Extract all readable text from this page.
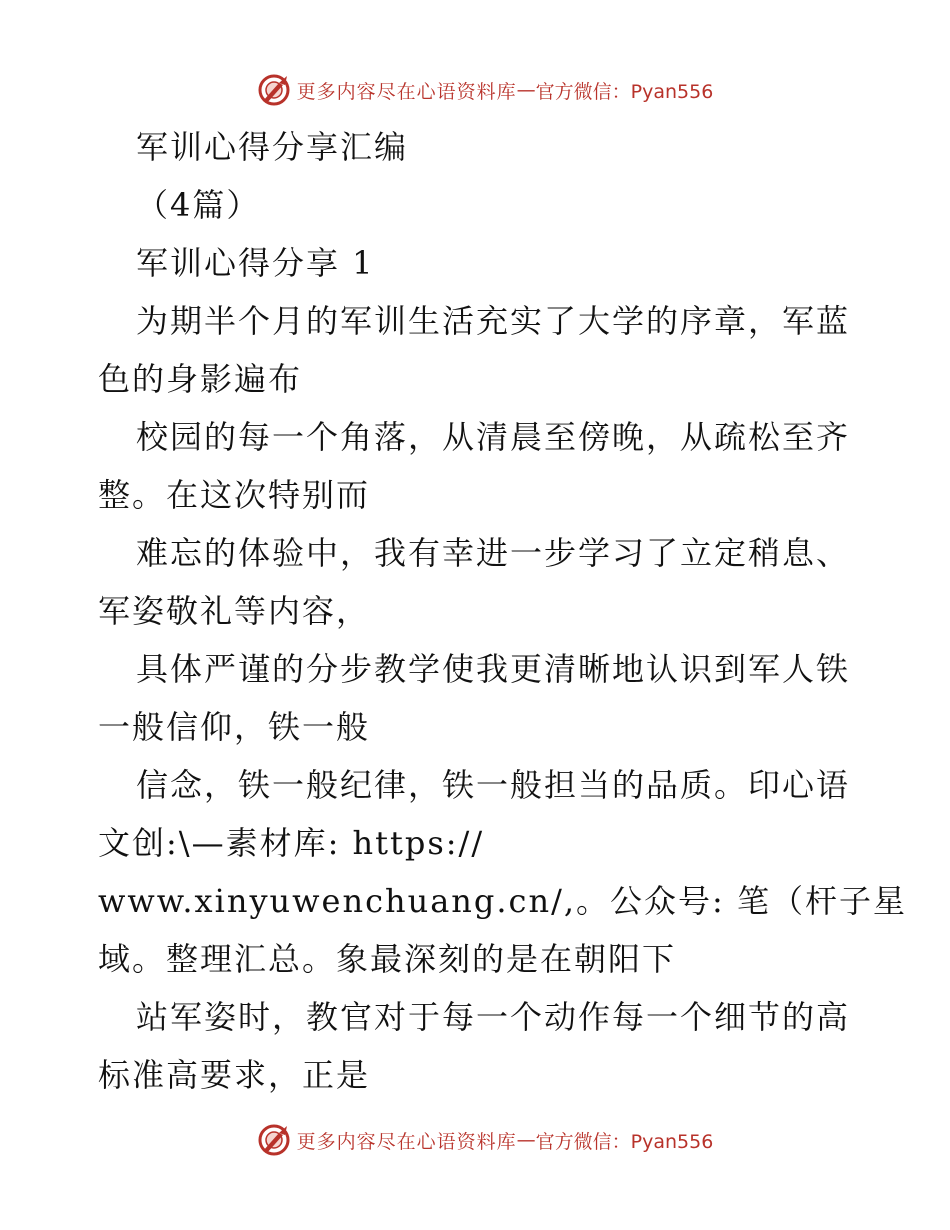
更多内容尽在心语资料库 — 官方微信：Pyan556
军训心得分享汇编
（4篇）
军训心得分享 1
为期半个月的军训生活充实了大学的序章，军蓝
色的身影遍布
校园的每一个角落，从清晨至傍晚，从疏松至齐
整。在这次特别而
难忘的体验中，我有幸进一步学习了立定稍息、
军姿敬礼等内容，
具体严谨的分步教学使我更清晰地认识到军人铁
一般信仰，铁一般
信念，铁一般纪律，铁一般担当的品质。印心语
文创:\—素材库: https://
www.xinyuwenchuang.cn/,。公众号: 笔（杆子星
域。整理汇总。象最深刻的是在朝阳下
站军姿时，教官对于每一个动作每一个细节的高
标准高要求，正是
更多内容尽在心语资料库 — 官方微信：Pyan556
